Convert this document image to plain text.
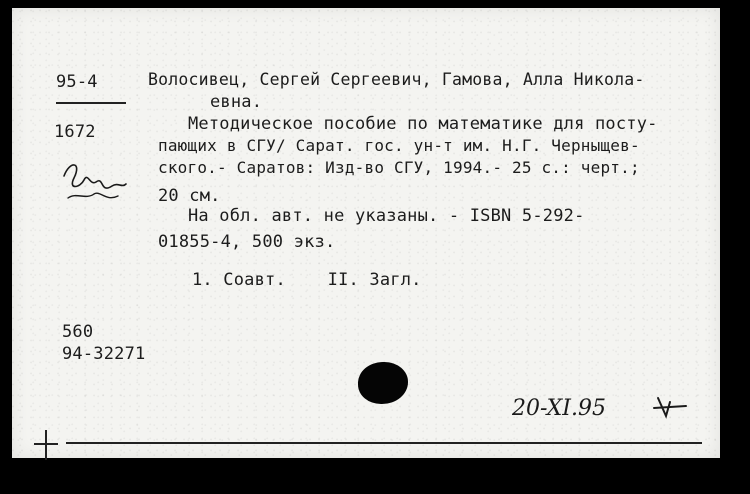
95-4
1672
Волосивец, Сергей Сергеевич, Гамова, Алла Никола-
евна.
Методическое пособие по математике для посту-
пающих в СГУ/ Сарат. гос. ун-т им. Н.Г. Черныщев-
ского.- Саратов: Изд-во СГУ, 1994.- 25 с.: черт.;
20 см.
На обл. авт. не указаны. - ISBN 5-292-
01855-4, 500 экз.
1. Соавт.    II. Загл.
560
94-32271
20-XI.95
